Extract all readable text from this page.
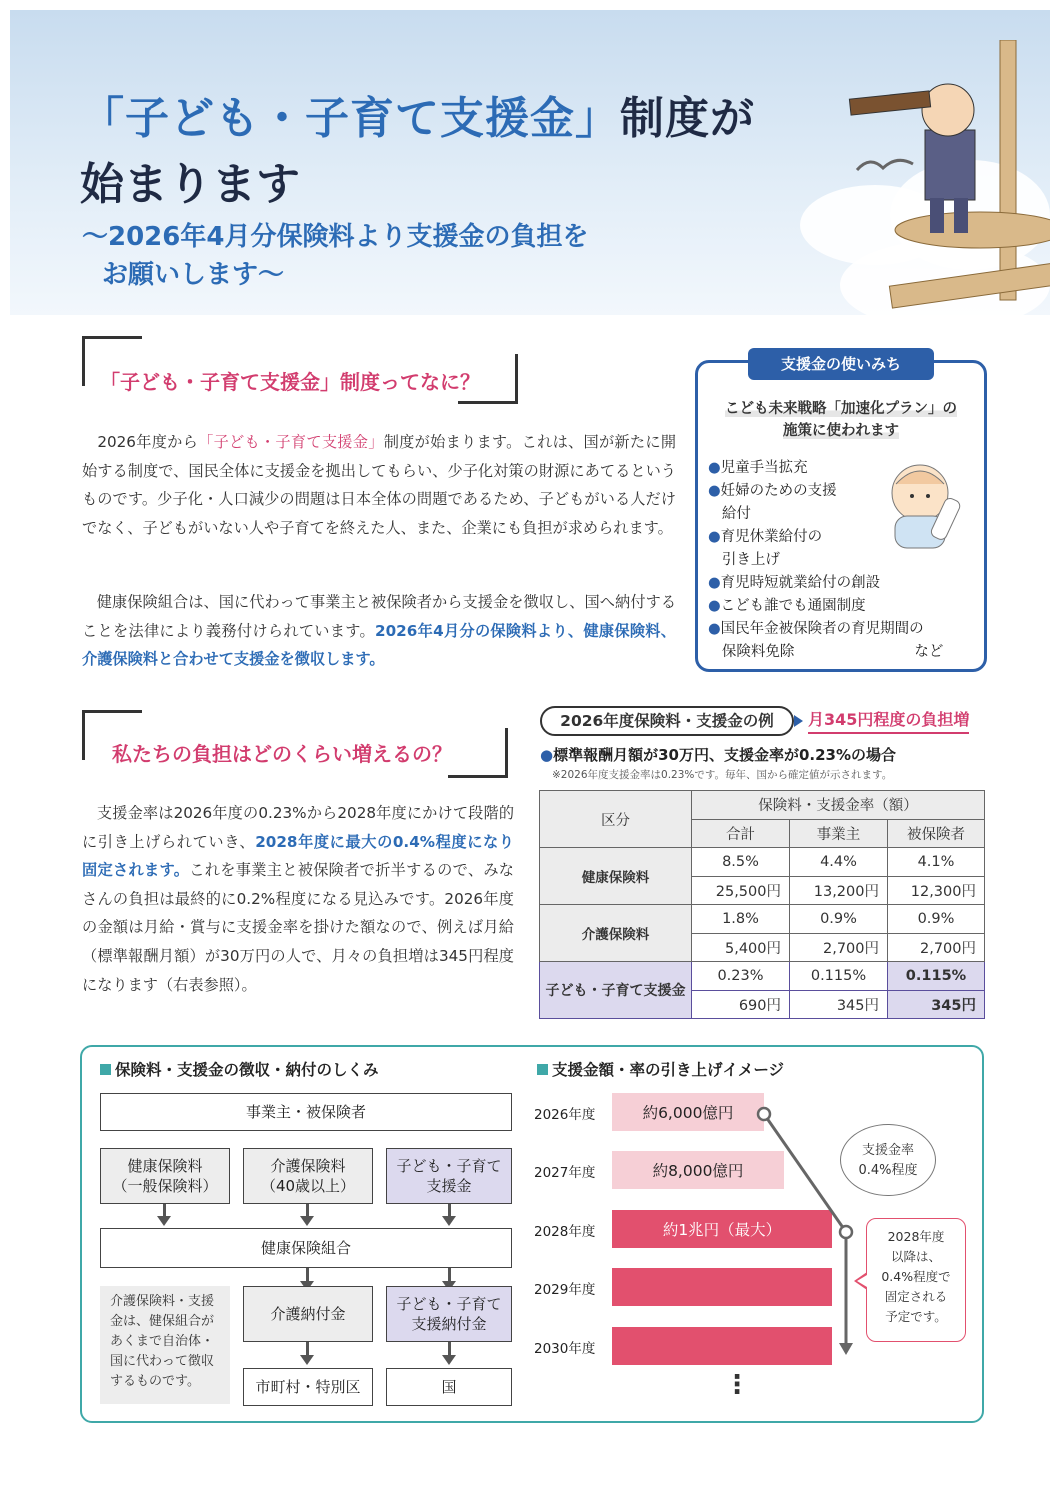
「子ども・子育て支援金」制度が
始まります
〜2026年4月分保険料より支援金の負担を
お願いします〜
「子ども・子育て支援金」制度ってなに？
2026年度から「子ども・子育て支援金」制度が始まります。これは、国が新たに開始する制度で、国民全体に支援金を拠出してもらい、少子化対策の財源にあてるというものです。少子化・人口減少の問題は日本全体の問題であるため、子どもがいる人だけでなく、子どもがいない人や子育てを終えた人、また、企業にも負担が求められます。
健康保険組合は、国に代わって事業主と被保険者から支援金を徴収し、国へ納付することを法律により義務付けられています。2026年4月分の保険料より、健康保険料、介護保険料と合わせて支援金を徴収します。
支援金の使いみち
こども未来戦略「加速化プラン」の
施策に使われます
●児童手当拡充
●妊婦のための支援
給付
●育児休業給付の
引き上げ
●育児時短就業給付の創設
●こども誰でも通園制度
●国民年金被保険者の育児期間の
保険料免除	など
私たちの負担はどのくらい増えるの？
支援金率は2026年度の0.23%から2028年度にかけて段階的に引き上げられていき、2028年度に最大の0.4%程度になり固定されます。これを事業主と被保険者で折半するので、みなさんの負担は最終的に0.2%程度になる見込みです。2026年度の金額は月給・賞与に支援金率を掛けた額なので、例えば月給（標準報酬月額）が30万円の人で、月々の負担増は345円程度になります（右表参照）。
2026年度保険料・支援金の例	月345円程度の負担増
●標準報酬月額が30万円、支援金率が0.23%の場合
※2026年度支援金率は0.23%です。毎年、国から確定値が示されます。
区分	保険料・支援金率（額）		
	合計	事業主	被保険者
健康保険料	8.5%	4.4%	4.1%
	25,500円	13,200円	12,300円
介護保険料	1.8%	0.9%	0.9%
	5,400円	2,700円	2,700円
子ども・子育て支援金	0.23%	0.115%	0.115%
	690円	345円	345円
保険料・支援金の徴収・納付のしくみ
事業主・被保険者
健康保険料
（一般保険料）
介護保険料
（40歳以上）
子ども・子育て
支援金
健康保険組合
介護保険料・支援金は、健保組合があくまで自治体・国に代わって徴収するものです。
介護納付金
子ども・子育て
支援納付金
市町村・特別区	国
支援金額・率の引き上げイメージ
2026年度
2027年度
2028年度
2029年度
2030年度
約6,000億円
約8,000億円
約1兆円（最大）
支援金率
0.4%程度
2028年度
以降は、
0.4%程度で
固定される
予定です。
⋮
